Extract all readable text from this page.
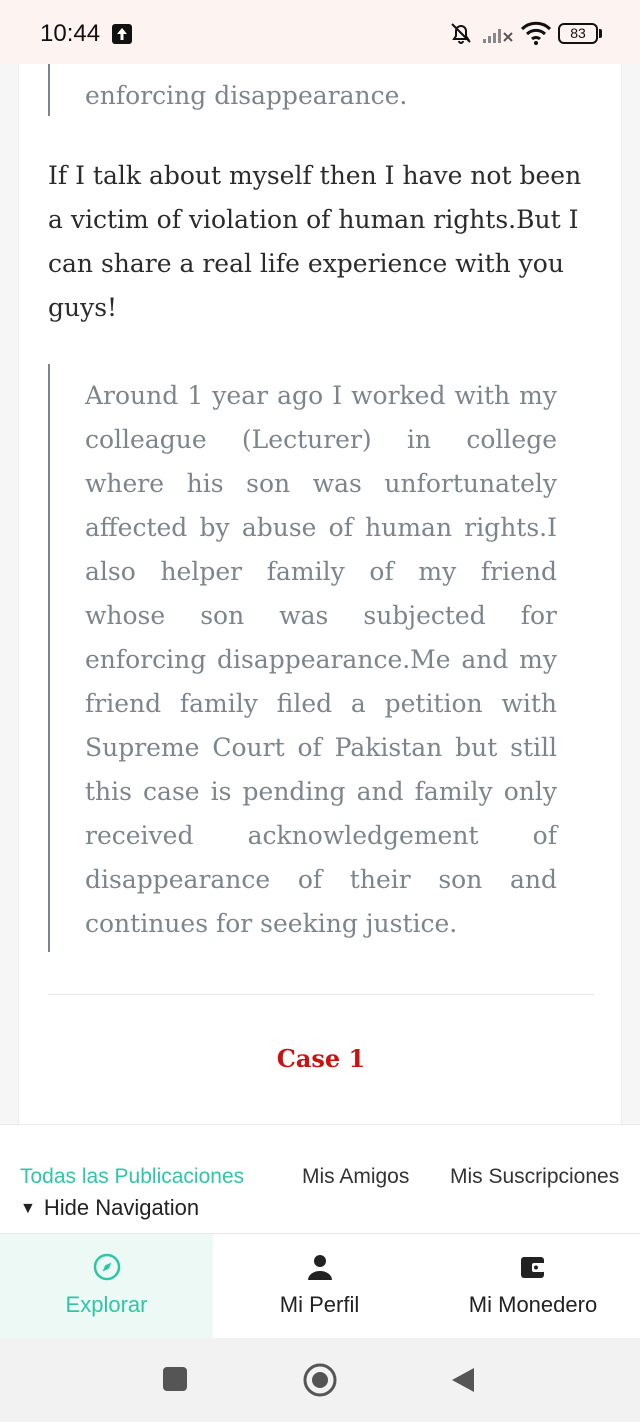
10:44	83
enforcing disappearance.

If I talk about myself then I have not been a victim of violation of human rights.But I can share a real life experience with you guys!

Around 1 year ago I worked with my colleague (Lecturer) in college where his son was unfortunately affected by abuse of human rights.I also helper family of my friend whose son was subjected for enforcing disappearance.Me and my friend family filed a petition with Supreme Court of Pakistan but still this case is pending and family only received acknowledgement of disappearance of their son and continues for seeking justice.

Case 1
Todas las Publicaciones	Mis Amigos Mis Suscripciones
▼ Hide Navigation
Explorar	Mi Perfil	Mi Monedero
